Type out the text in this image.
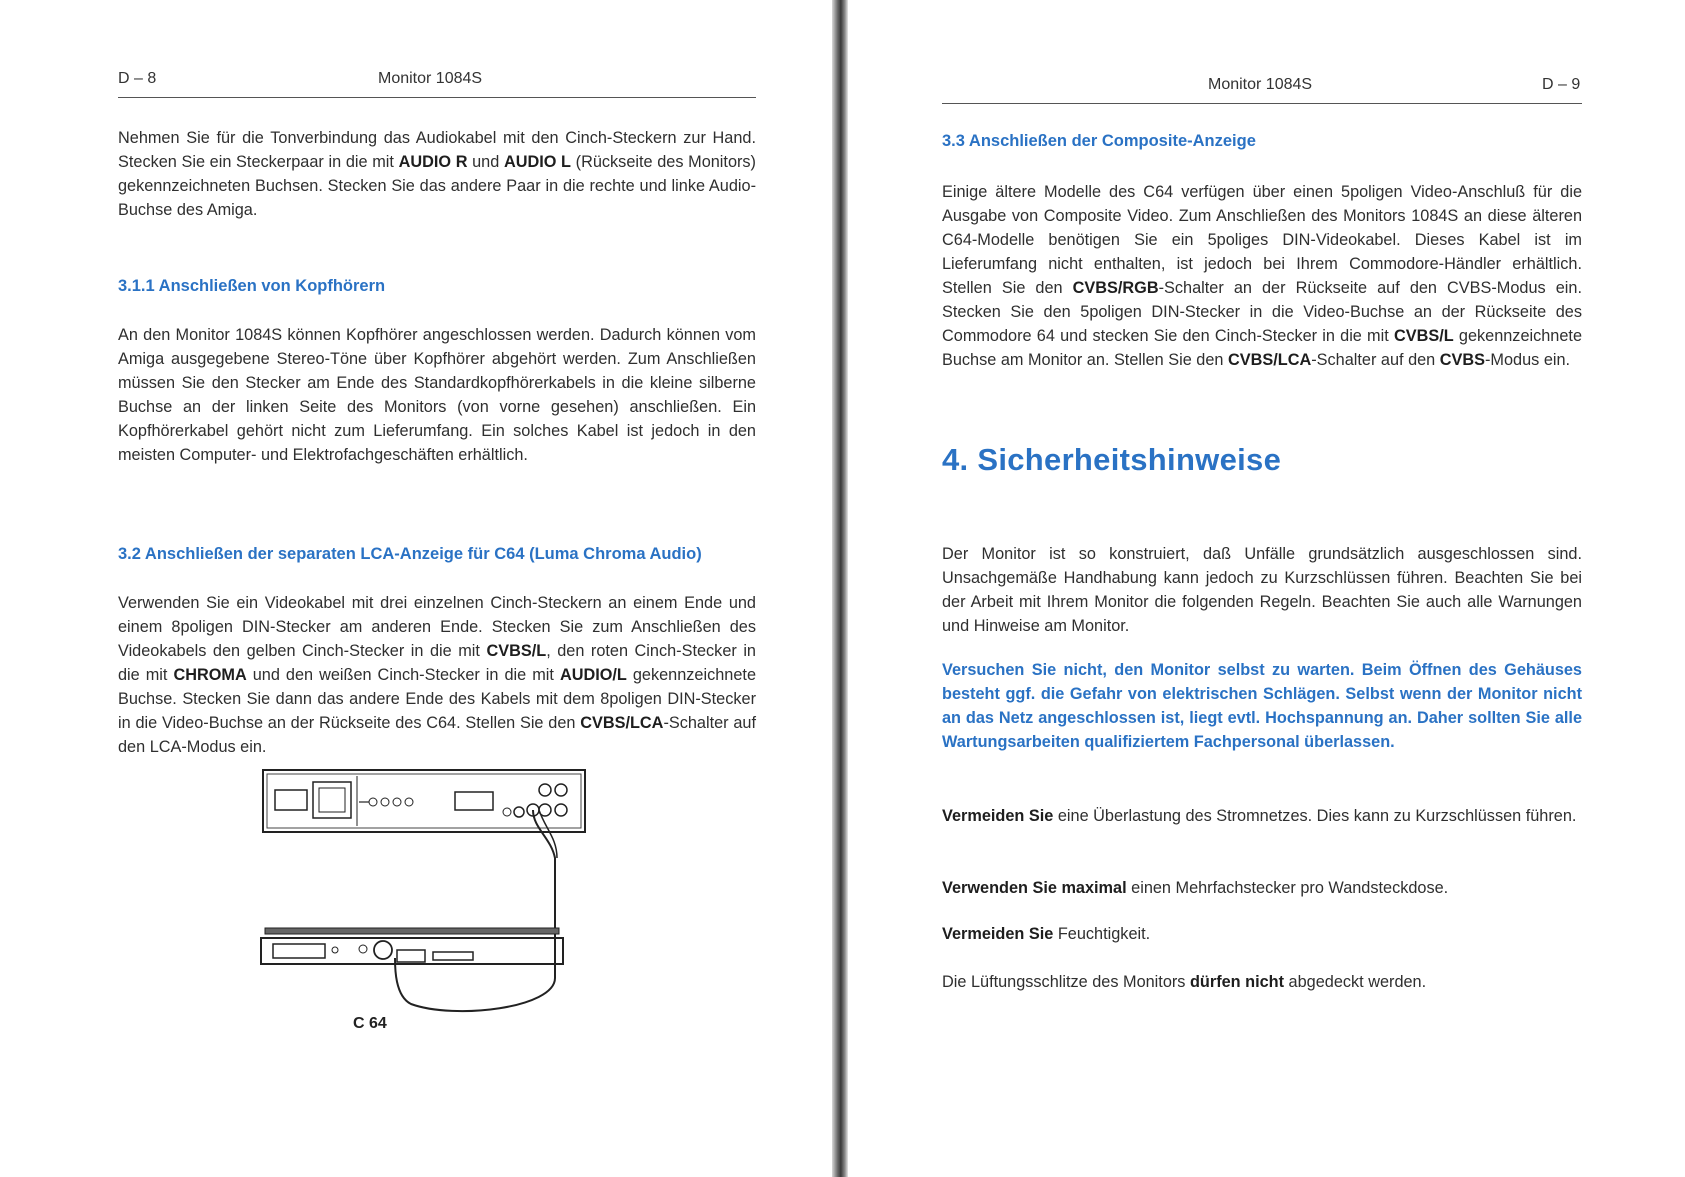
D – 8	Monitor 1084S

Nehmen Sie für die Tonverbindung das Audiokabel mit den Cinch-Steckern zur Hand. Stecken Sie ein Steckerpaar in die mit AUDIO R und AUDIO L (Rückseite des Monitors) gekennzeichneten Buchsen. Stecken Sie das andere Paar in die rechte und linke Audio-Buchse des Amiga.

3.1.1 Anschließen von Kopfhörern

An den Monitor 1084S können Kopfhörer angeschlossen werden. Dadurch können vom Amiga ausgegebene Stereo-Töne über Kopfhörer abgehört werden. Zum Anschließen müssen Sie den Stecker am Ende des Standardkopfhörerkabels in die kleine silberne Buchse an der linken Seite des Monitors (von vorne gesehen) anschließen. Ein Kopfhörerkabel gehört nicht zum Lieferumfang. Ein solches Kabel ist jedoch in den meisten Computer- und Elektrofachgeschäften erhältlich.

3.2 Anschließen der separaten LCA-Anzeige für C64 (Luma Chroma Audio)

Verwenden Sie ein Videokabel mit drei einzelnen Cinch-Steckern an einem Ende und einem 8poligen DIN-Stecker am anderen Ende. Stecken Sie zum Anschließen des Videokabels den gelben Cinch-Stecker in die mit CVBS/L, den roten Cinch-Stecker in die mit CHROMA und den weißen Cinch-Stecker in die mit AUDIO/L gekennzeichnete Buchse. Stecken Sie dann das andere Ende des Kabels mit dem 8poligen DIN-Stecker in die Video-Buchse an der Rückseite des C64. Stellen Sie den CVBS/LCA-Schalter auf den LCA-Modus ein.

C 64
Monitor 1084S	D – 9
3.3 Anschließen der Composite-Anzeige

Einige ältere Modelle des C64 verfügen über einen 5poligen Video-Anschluß für die Ausgabe von Composite Video. Zum Anschließen des Monitors 1084S an diese älteren C64-Modelle benötigen Sie ein 5poliges DIN-Videokabel. Dieses Kabel ist im Lieferumfang nicht enthalten, ist jedoch bei Ihrem Commodore-Händler erhältlich. Stellen Sie den CVBS/RGB-Schalter an der Rückseite auf den CVBS-Modus ein. Stecken Sie den 5poligen DIN-Stecker in die Video-Buchse an der Rückseite des Commodore 64 und stecken Sie den Cinch-Stecker in die mit CVBS/L gekennzeichnete Buchse am Monitor an. Stellen Sie den CVBS/LCA-Schalter auf den CVBS-Modus ein.

4. Sicherheitshinweise

Der Monitor ist so konstruiert, daß Unfälle grundsätzlich ausgeschlossen sind. Unsachgemäße Handhabung kann jedoch zu Kurzschlüssen führen. Beachten Sie bei der Arbeit mit Ihrem Monitor die folgenden Regeln. Beachten Sie auch alle Warnungen und Hinweise am Monitor.

Versuchen Sie nicht, den Monitor selbst zu warten. Beim Öffnen des Gehäuses besteht ggf. die Gefahr von elektrischen Schlägen. Selbst wenn der Monitor nicht an das Netz angeschlossen ist, liegt evtl. Hochspannung an. Daher sollten Sie alle Wartungsarbeiten qualifiziertem Fachpersonal überlassen.

Vermeiden Sie eine Überlastung des Stromnetzes. Dies kann zu Kurzschlüssen führen.

Verwenden Sie maximal einen Mehrfachstecker pro Wandsteckdose.

Vermeiden Sie Feuchtigkeit.

Die Lüftungsschlitze des Monitors dürfen nicht abgedeckt werden.
